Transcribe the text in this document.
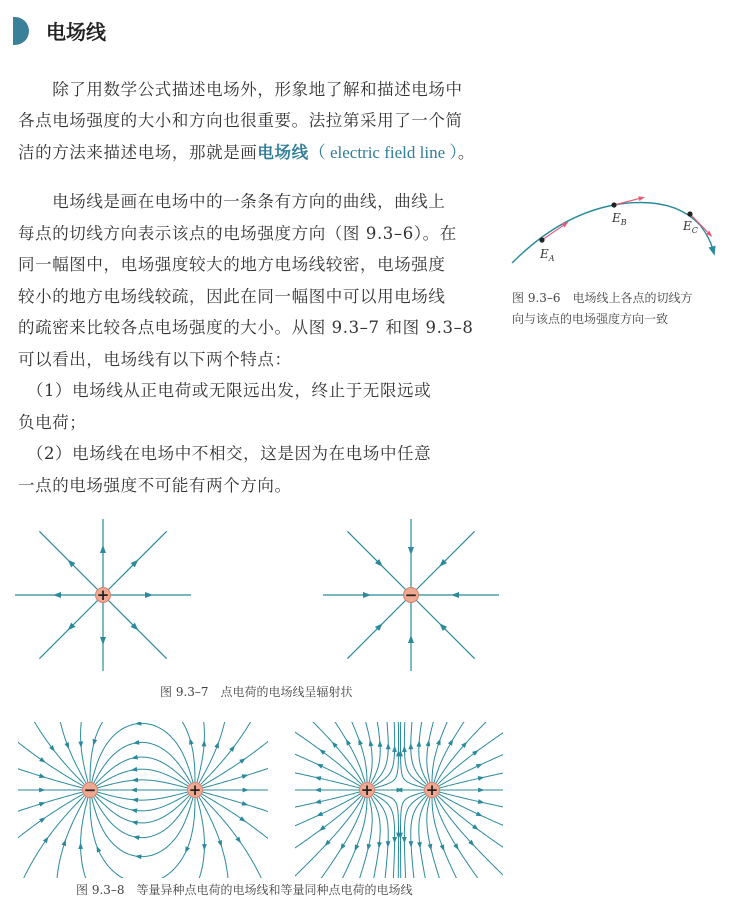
电场线
　　除了用数学公式描述电场外，形象地了解和描述电场中
各点电场强度的大小和方向也很重要。法拉第采用了一个简
洁的方法来描述电场，那就是画电场线（ electric field line ）。
　　电场线是画在电场中的一条条有方向的曲线，曲线上
每点的切线方向表示该点的电场强度方向（图 9.3–6）。在
同一幅图中，电场强度较大的地方电场线较密，电场强度
较小的地方电场线较疏，因此在同一幅图中可以用电场线
的疏密来比较各点电场强度的大小。从图 9.3–7 和图 9.3–8
可以看出，电场线有以下两个特点：
　（1）电场线从正电荷或无限远出发，终止于无限远或
负电荷；
　（2）电场线在电场中不相交，这是因为在电场中任意
一点的电场强度不可能有两个方向。
$E_A$
$E_B$	$E_C$
+	−
−	+	+	+
图 9.3–6　电场线上各点的切线方
向与该点的电场强度方向一致
图 9.3–7　点电荷的电场线呈辐射状
图 9.3–8　等量异种点电荷的电场线和等量同种点电荷的电场线
